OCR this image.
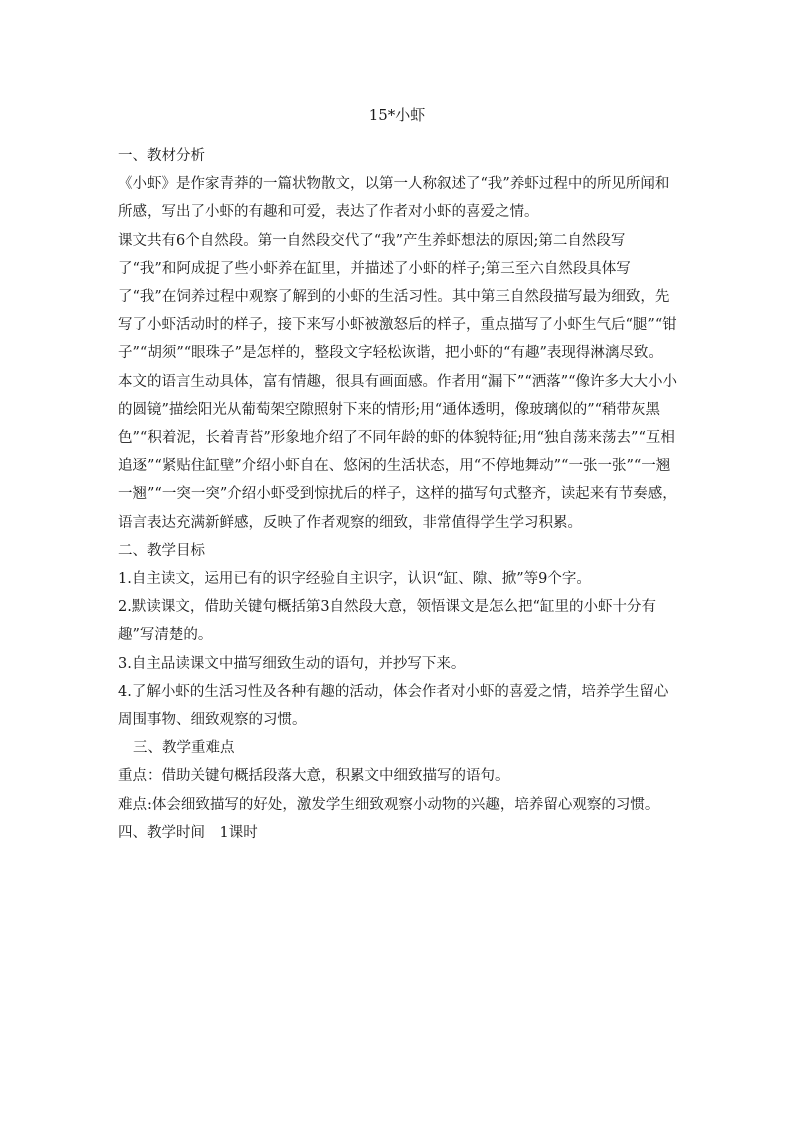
15*小虾

一、教材分析

《小虾》是作家青莽的一篇状物散文，以第一人称叙述了“我”养虾过程中的所见所闻和所感，写出了小虾的有趣和可爱，表达了作者对小虾的喜爱之情。

课文共有6个自然段。第一自然段交代了“我”产生养虾想法的原因;第二自然段写了“我”和阿成捉了些小虾养在缸里，并描述了小虾的样子;第三至六自然段具体写了“我”在饲养过程中观察了解到的小虾的生活习性。其中第三自然段描写最为细致，先写了小虾活动时的样子，接下来写小虾被激怒后的样子，重点描写了小虾生气后“腿”“钳子”“胡须”“眼珠子”是怎样的，整段文字轻松诙谐，把小虾的“有趣”表现得淋漓尽致。

本文的语言生动具体，富有情趣，很具有画面感。作者用“漏下”“洒落”“像许多大大小小的圆镜”描绘阳光从葡萄架空隙照射下来的情形;用“通体透明，像玻璃似的”“稍带灰黑色”“积着泥，长着青苔”形象地介绍了不同年龄的虾的体貌特征;用“独自荡来荡去”“互相追逐”“紧贴住缸壁”介绍小虾自在、悠闲的生活状态，用“不停地舞动”“一张一张”“一翘一翘”“一突一突”介绍小虾受到惊扰后的样子，这样的描写句式整齐，读起来有节奏感，语言表达充满新鲜感，反映了作者观察的细致，非常值得学生学习积累。

二、教学目标

1.自主读文，运用已有的识字经验自主识字，认识“缸、隙、掀”等9个字。

2.默读课文，借助关键句概括第3自然段大意，领悟课文是怎么把“缸里的小虾十分有趣”写清楚的。

3.自主品读课文中描写细致生动的语句，并抄写下来。

4.了解小虾的生活习性及各种有趣的活动，体会作者对小虾的喜爱之情，培养学生留心周围事物、细致观察的习惯。

三、教学重难点

重点：借助关键句概括段落大意，积累文中细致描写的语句。

难点:体会细致描写的好处，激发学生细致观察小动物的兴趣，培养留心观察的习惯。

四、教学时间　1课时
